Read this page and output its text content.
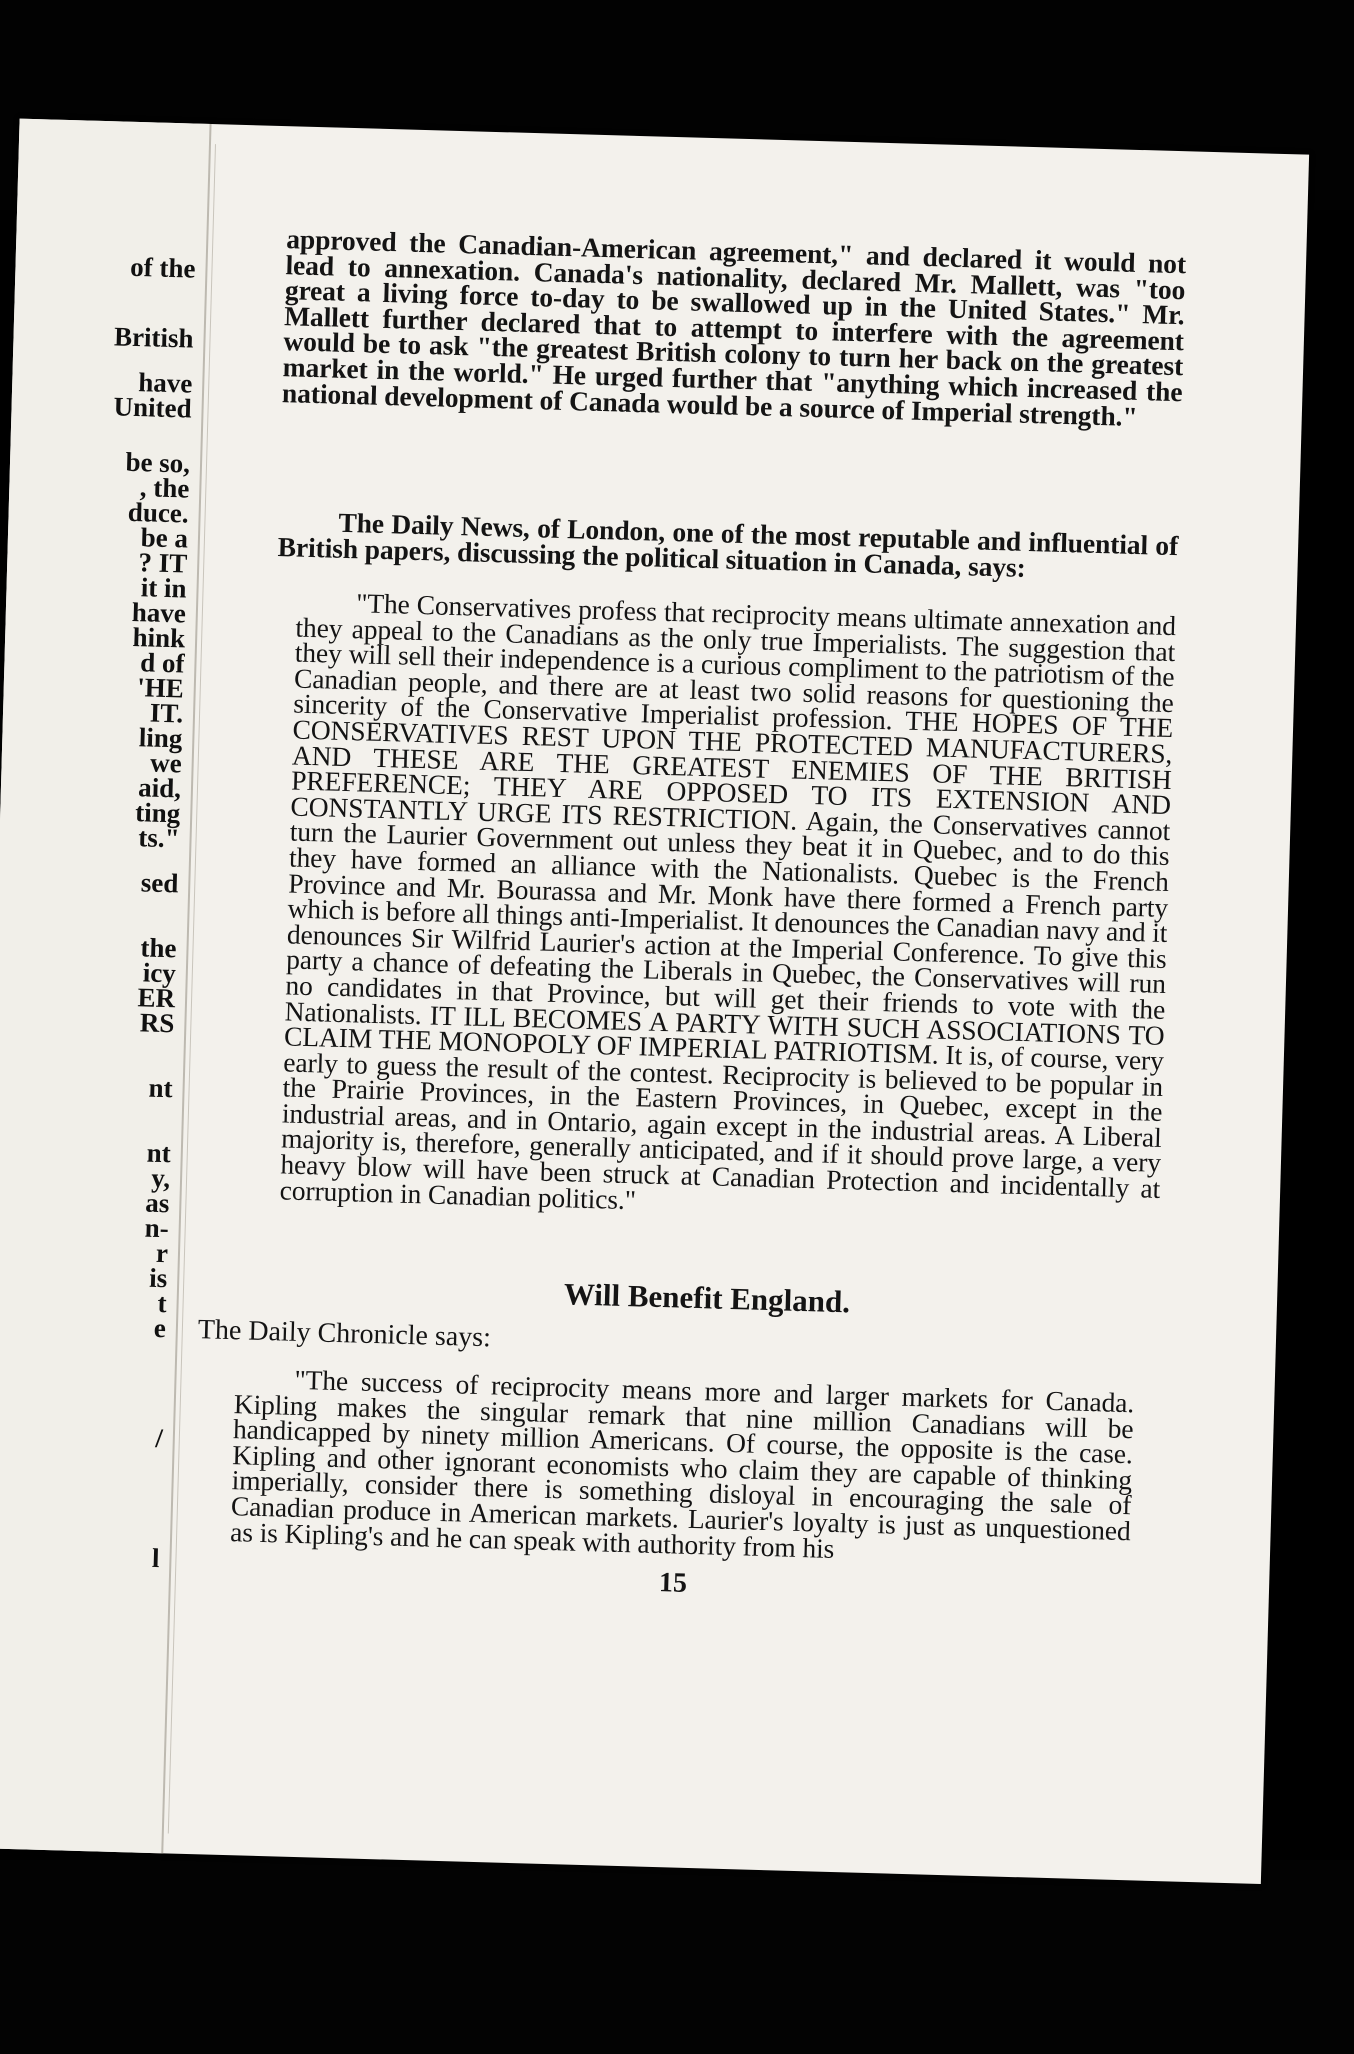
of the
British
have
United
be so,
, the
duce.
be a
? IT
it in
have
hink
d of
'HE
IT.
ling
we
aid,
ting
ts."
sed
the
icy
ER
RS
nt
nt
y,
as
n-
r
is
t
e
/
l

approved the Canadian-American agreement," and declared it would not lead to annexation. Canada's nationality, declared Mr. Mallett, was "too great a living force to-day to be swallowed up in the United States." Mr. Mallett further declared that to attempt to interfere with the agreement would be to ask "the greatest British colony to turn her back on the greatest market in the world." He urged further that "anything which increased the national development of Canada would be a source of Imperial strength."

The Daily News, of London, one of the most reputable and influential of British papers, discussing the political situation in Canada, says:

"The Conservatives profess that reciprocity means ultimate annexation and they appeal to the Canadians as the only true Imperialists. The suggestion that they will sell their independence is a curious compliment to the patriotism of the Canadian people, and there are at least two solid reasons for questioning the sincerity of the Conservative Imperialist profession. THE HOPES OF THE CONSERVATIVES REST UPON THE PROTECTED MANUFACTURERS, AND THESE ARE THE GREATEST ENEMIES OF THE BRITISH PREFERENCE; THEY ARE OPPOSED TO ITS EXTENSION AND CONSTANTLY URGE ITS RESTRICTION. Again, the Conservatives cannot turn the Laurier Government out unless they beat it in Quebec, and to do this they have formed an alliance with the Nationalists. Quebec is the French Province and Mr. Bourassa and Mr. Monk have there formed a French party which is before all things anti-Imperialist. It denounces the Canadian navy and it denounces Sir Wilfrid Laurier's action at the Imperial Conference. To give this party a chance of defeating the Liberals in Quebec, the Conservatives will run no candidates in that Province, but will get their friends to vote with the Nationalists. IT ILL BECOMES A PARTY WITH SUCH ASSOCIATIONS TO CLAIM THE MONOPOLY OF IMPERIAL PATRIOTISM. It is, of course, very early to guess the result of the contest. Reciprocity is believed to be popular in the Prairie Provinces, in the Eastern Provinces, in Quebec, except in the industrial areas, and in Ontario, again except in the industrial areas. A Liberal majority is, therefore, generally anticipated, and if it should prove large, a very heavy blow will have been struck at Canadian Protection and incidentally at corruption in Canadian politics."

Will Benefit England.
The Daily Chronicle says:

"The success of reciprocity means more and larger markets for Canada. Kipling makes the singular remark that nine million Canadians will be handicapped by ninety million Americans. Of course, the opposite is the case. Kipling and other ignorant economists who claim they are capable of thinking imperially, consider there is something disloyal in encouraging the sale of Canadian produce in American markets. Laurier's loyalty is just as unquestioned as is Kipling's and he can speak with authority from his

15
